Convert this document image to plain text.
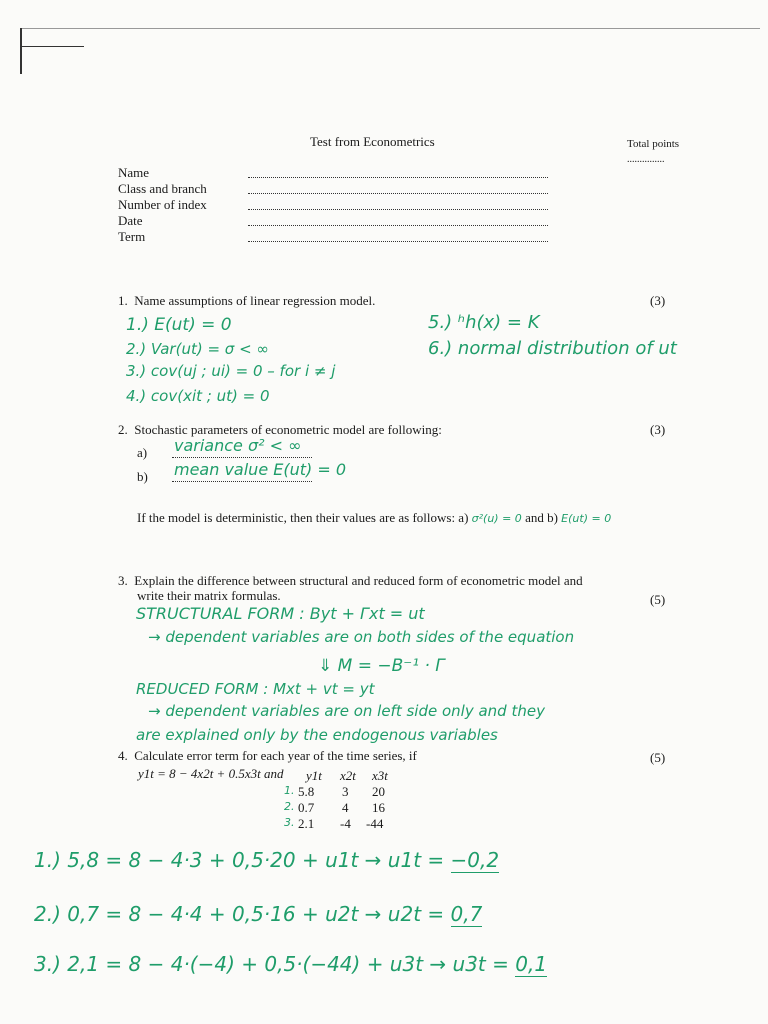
Test from Econometrics	Total points
...............
Name
Class and branch
Number of index
Date
Term
1. Name assumptions of linear regression model.	(3)
1.) E(ut) = 0
2.) Var(ut) = σ < ∞
3.) cov(uj ; ui) = 0 – for i ≠ j
4.) cov(xit ; ut) = 0
5.) ʰh(x) = K
6.) normal distribution of ut
2. Stochastic parameters of econometric model are following:	(3)
a) variance σ² < ∞
b) mean value E(ut) = 0
If the model is deterministic, then their values are as follows: a) σ²(u) = 0 and b) E(ut) = 0
3. Explain the difference between structural and reduced form of econometric model and
write their matrix formulas.	(5)
STRUCTURAL FORM : Byt + Γxt = ut
→ dependent variables are on both sides of the equation
⇓ M = −B⁻¹ · Γ
REDUCED FORM : Mxt + vt = yt
→ dependent variables are on left side only and they
are explained only by the endogenous variables
4. Calculate error term for each year of the time series, if	(5)
y1t = 8 − 4x2t + 0.5x3t and y1t x2t x3t
1. 5.8 3 20
2. 0.7 4 16
3. 2.1 -4 -44
1.) 5,8 = 8 − 4·3 + 0,5·20 + u1t → u1t = −0,2
2.) 0,7 = 8 − 4·4 + 0,5·16 + u2t → u2t = 0,7
3.) 2,1 = 8 − 4·(−4) + 0,5·(−44) + u3t → u3t = 0,1
